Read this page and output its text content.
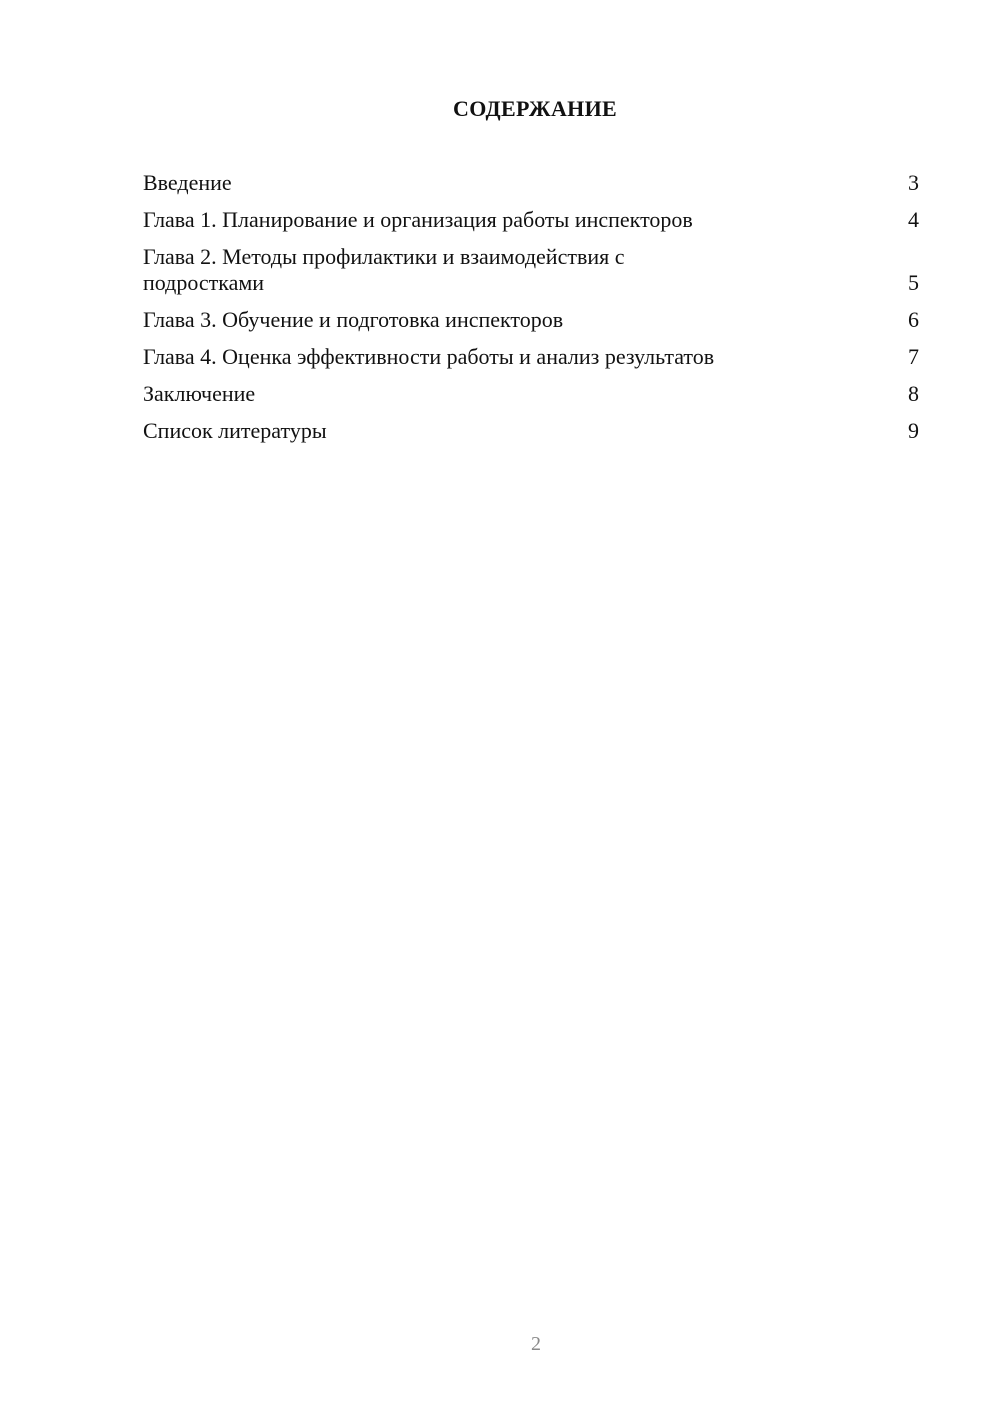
СОДЕРЖАНИЕ
Введение	3
Глава 1. Планирование и организация работы инспекторов	4
Глава 2. Методы профилактики и взаимодействия с подростками	5
Глава 3. Обучение и подготовка инспекторов	6
Глава 4. Оценка эффективности работы и анализ результатов	7
Заключение	8
Список литературы	9
2
